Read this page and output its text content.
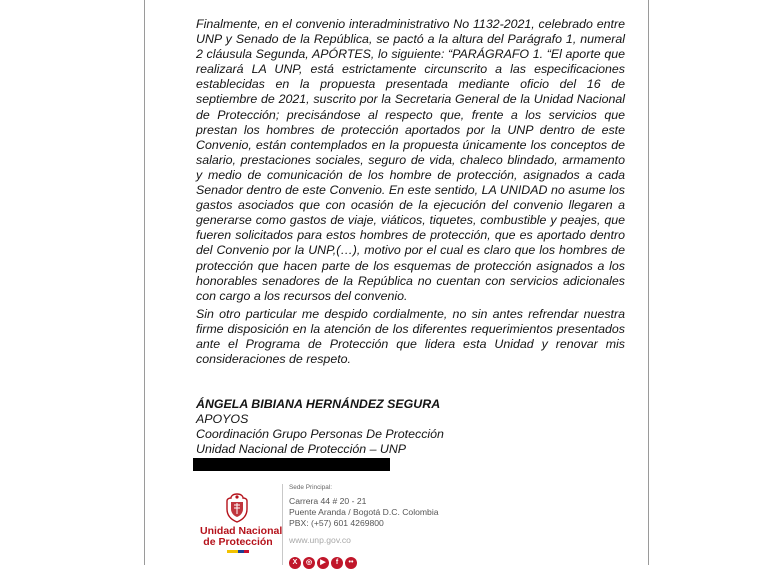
Finalmente, en el convenio interadministrativo No 1132-2021, celebrado entre UNP y Senado de la República, se pactó a la altura del Parágrafo 1, numeral 2 cláusula Segunda, APÓRTES, lo siguiente: “PARÁGRAFO 1. “El aporte que realizará LA UNP, está estrictamente circunscrito a las especificaciones establecidas en la propuesta presentada mediante oficio del 16 de septiembre de 2021, suscrito por la Secretaria General de la Unidad Nacional de Protección; precisándose al respecto que, frente a los servicios que prestan los hombres de protección aportados por la UNP dentro de este Convenio, están contemplados en la propuesta únicamente los conceptos de salario, prestaciones sociales, seguro de vida, chaleco blindado, armamento y medio de comunicación de los hombre de protección, asignados a cada Senador dentro de este Convenio. En este sentido, LA UNIDAD no asume los gastos asociados que con ocasión de la ejecución del convenio llegaren a generarse como gastos de viaje, viáticos, tiquetes, combustible y peajes, que fueren solicitados para estos hombres de protección, que es aportado dentro del Convenio por la UNP,(…), motivo por el cual es claro que los hombres de protección que hacen parte de los esquemas de protección asignados a los honorables senadores de la República no cuentan con servicios adicionales con cargo a los recursos del convenio.

Sin otro particular me despido cordialmente, no sin antes refrendar nuestra firme disposición en la atención de los diferentes requerimientos presentados ante el Programa de Protección que lidera esta Unidad y renovar mis consideraciones de respeto.

ÁNGELA BIBIANA HERNÁNDEZ SEGURA
APOYOS
Coordinación Grupo Personas De Protección
Unidad Nacional de Protección – UNP
Unidad Nacional
de Protección
Sede Principal:
Carrera 44 # 20 - 21
Puente Aranda / Bogotá D.C. Colombia
PBX: (+57) 601 4269800
www.unp.gov.co
X ◎ ▶ f ••
